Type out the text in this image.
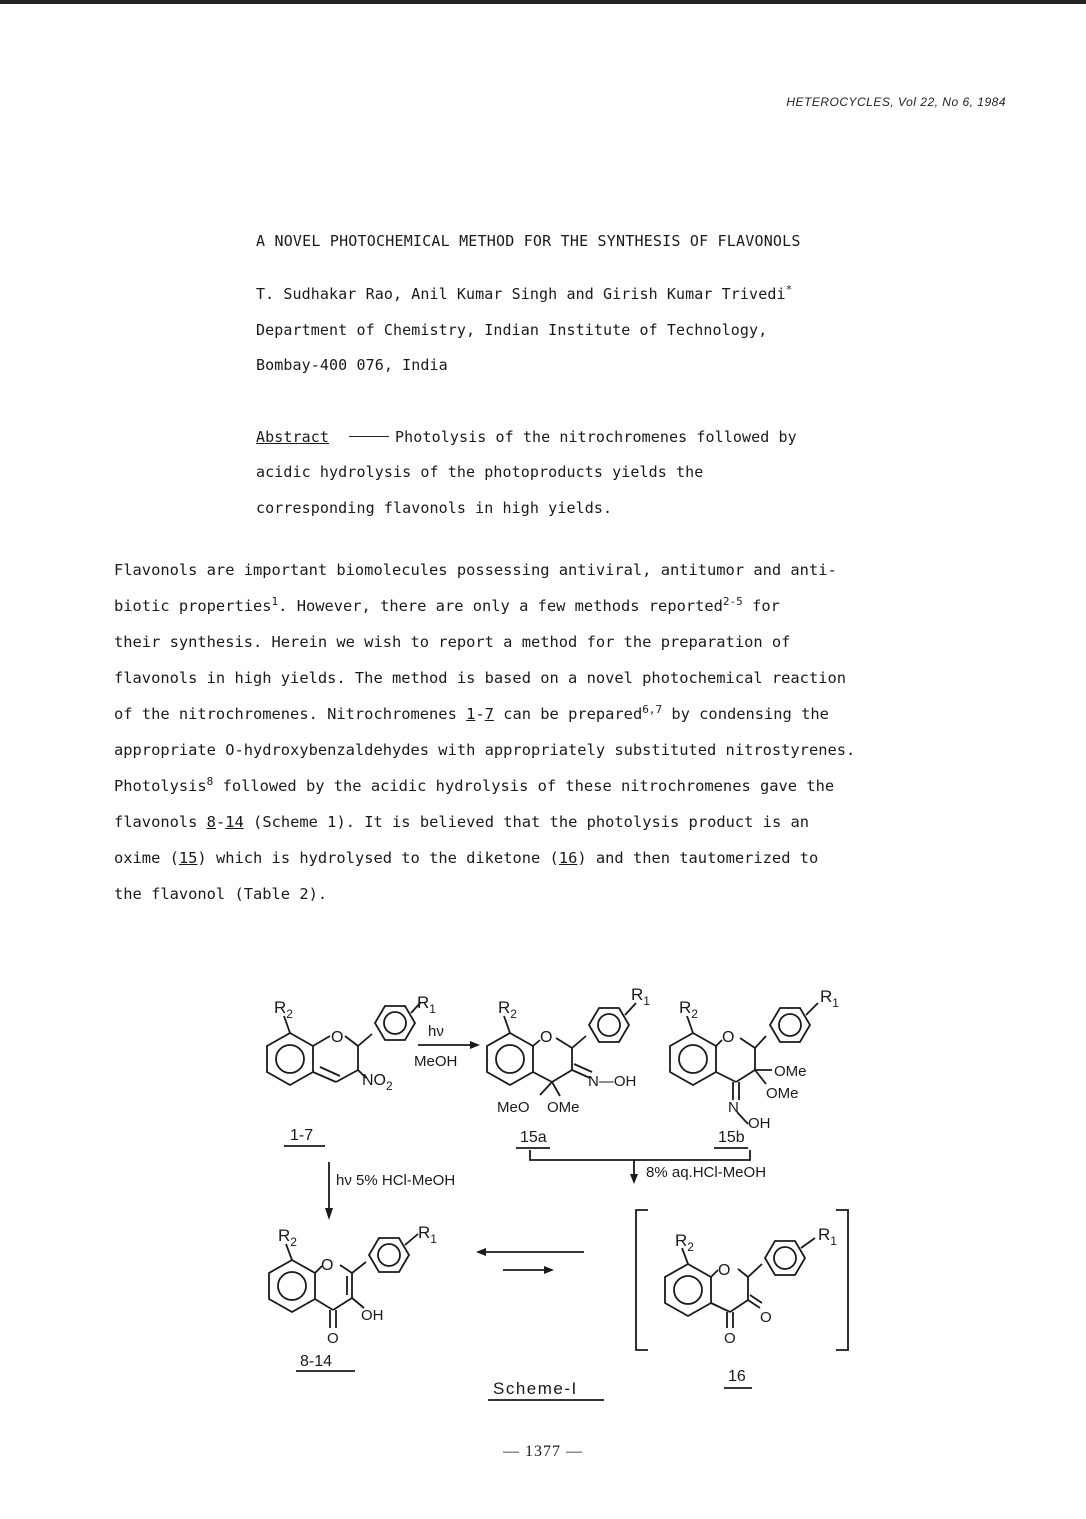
HETEROCYCLES, Vol 22, No 6, 1984
A NOVEL PHOTOCHEMICAL METHOD FOR THE SYNTHESIS OF FLAVONOLS
T. Sudhakar Rao, Anil Kumar Singh and Girish Kumar Trivedi*
Department of Chemistry, Indian Institute of Technology,
Bombay-400 076, India
Abstract	Photolysis of the nitrochromenes followed by
acidic hydrolysis of the photoproducts yields the
corresponding flavonols in high yields.

Flavonols are important biomolecules possessing antiviral, antitumor and anti-

biotic properties$^1$. However, there are only a few methods reported$^{2-5}$ for

their synthesis. Herein we wish to report a method for the preparation of

flavonols in high yields. The method is based on a novel photochemical reaction

of the nitrochromenes. Nitrochromenes 1-7 can be prepared$^{6,7}$ by condensing the

appropriate O-hydroxybenzaldehydes with appropriately substituted nitrostyrenes.

Photolysis$^8$ followed by the acidic hydrolysis of these nitrochromenes gave the

flavonols 8-14 (Scheme 1). It is believed that the photolysis product is an

oxime (15) which is hydrolysed to the diketone (16) and then tautomerized to

the flavonol (Table 2).

$R_2$
O
$R_1$
$NO_2$
hν
MeOH
$R_2$
O
$R_1$
N—OH
MeO OMe
$R_2$
O
$R_1$
OMe
OMe
N
OH
1-7	15a	15b
8% aq.HCl-MeOH
hν 5% HCl-MeOH
$R_2$
O
$R_1$
OH
O
8-14
$R_2$
O
$R_1$
O
O
16
Scheme-I
— 1377 —
